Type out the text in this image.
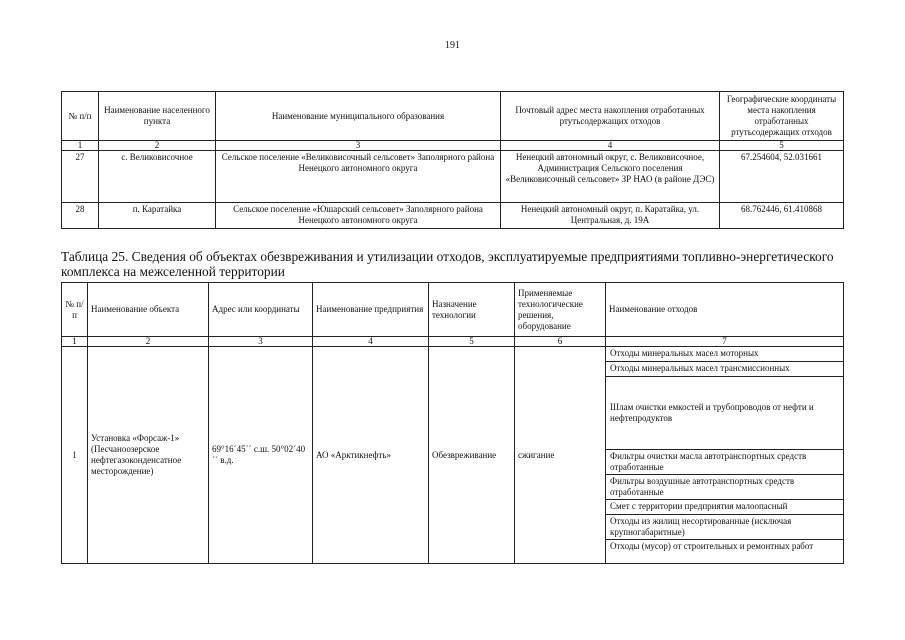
191
№ п/п	Наименование населенного пункта	Наименование муниципального образования	Почтовый адрес места накопления отработанных ртутьсодержащих отходов	Географические координаты места накопления отработанных ртутьсодержащих отходов
1	2	3	4	5
27	с. Великовисочное	Сельское поселение «Великовисочный сельсовет» Заполярного района Ненецкого автономного округа	Ненецкий автономный округ, с. Великовисочное, Администрация Сельского поселения «Великовисочный сельсовет» ЗР НАО (в районе ДЭС)	67.254604, 52.031661
28	п. Каратайка	Сельское поселение «Юшарский сельсовет» Заполярного района Ненецкого автономного округа	Ненецкий автономный округ, п. Каратайка, ул. Центральная, д. 19А	68.762446, 61.410868
Таблица 25. Сведения об объектах обезвреживания и утилизации отходов, эксплуатируемые предприятиями топливно-энергетического комплекса на межселенной территории
№ п/п	Наименование объекта	Адрес или координаты	Наименование предприятия	Назначение технологии	Применяемые технологические решения, оборудование	Наименование отходов
1	2	3	4	5	6	7
1	Установка «Форсаж-1» (Песчаноозерское нефтегазоконденсатное месторождение)	69°16´45´´ с.ш. 50°02´40´´ в.д.	АО «Арктикнефть»	Обезвреживание	сжигание	Отходы минеральных масел моторных
						Отходы минеральных масел трансмиссионных
						Шлам очистки емкостей и трубопроводов от нефти и нефтепродуктов
						Фильтры очистки масла автотранспортных средств отработанные
						Фильтры воздушные автотранспортных средств отработанные
						Смет с территории предприятия малоопасный
						Отходы из жилищ несортированные (исключая крупногабаритные)
						Отходы (мусор) от строительных и ремонтных работ
